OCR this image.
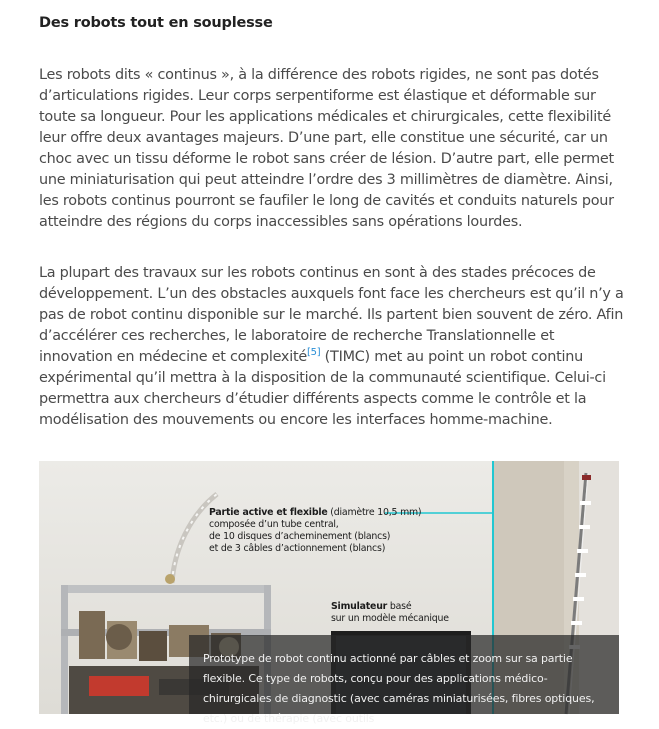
Des robots tout en souplesse

Les robots dits « continus », à la différence des robots rigides, ne sont pas dotés d’articulations rigides. Leur corps serpentiforme est élastique et déformable sur toute sa longueur. Pour les applications médicales et chirurgicales, cette flexibilité leur offre deux avantages majeurs. D’une part, elle constitue une sécurité, car un choc avec un tissu déforme le robot sans créer de lésion. D’autre part, elle permet une miniaturisation qui peut atteindre l’ordre des 3 millimètres de diamètre. Ainsi, les robots continus pourront se faufiler le long de cavités et conduits naturels pour atteindre des régions du corps inaccessibles sans opérations lourdes.

La plupart des travaux sur les robots continus en sont à des stades précoces de développement. L’un des obstacles auxquels font face les chercheurs est qu’il n’y a pas de robot continu disponible sur le marché. Ils partent bien souvent de zéro. Afin d’accélérer ces recherches, le laboratoire de recherche Translationnelle et innovation en médecine et complexité[5] (TIMC) met au point un robot continu expérimental qu’il mettra à la disposition de la communauté scientifique. Celui-ci permettra aux chercheurs d’étudier différents aspects comme le contrôle et la modélisation des mouvements ou encore les interfaces homme-machine.

Partie active et flexible (diamètre 10,5 mm)
composée d’un tube central,
de 10 disques d’acheminement (blancs)
et de 3 câbles d’actionnement (blancs)
Simulateur basé
sur un modèle mécanique
Prototype de robot continu actionné par câbles et zoom sur sa partie flexible. Ce type de robots, conçu pour des applications médico-chirurgicales de diagnostic (avec caméras miniaturisées, fibres optiques, etc.) ou de thérapie (avec outils
